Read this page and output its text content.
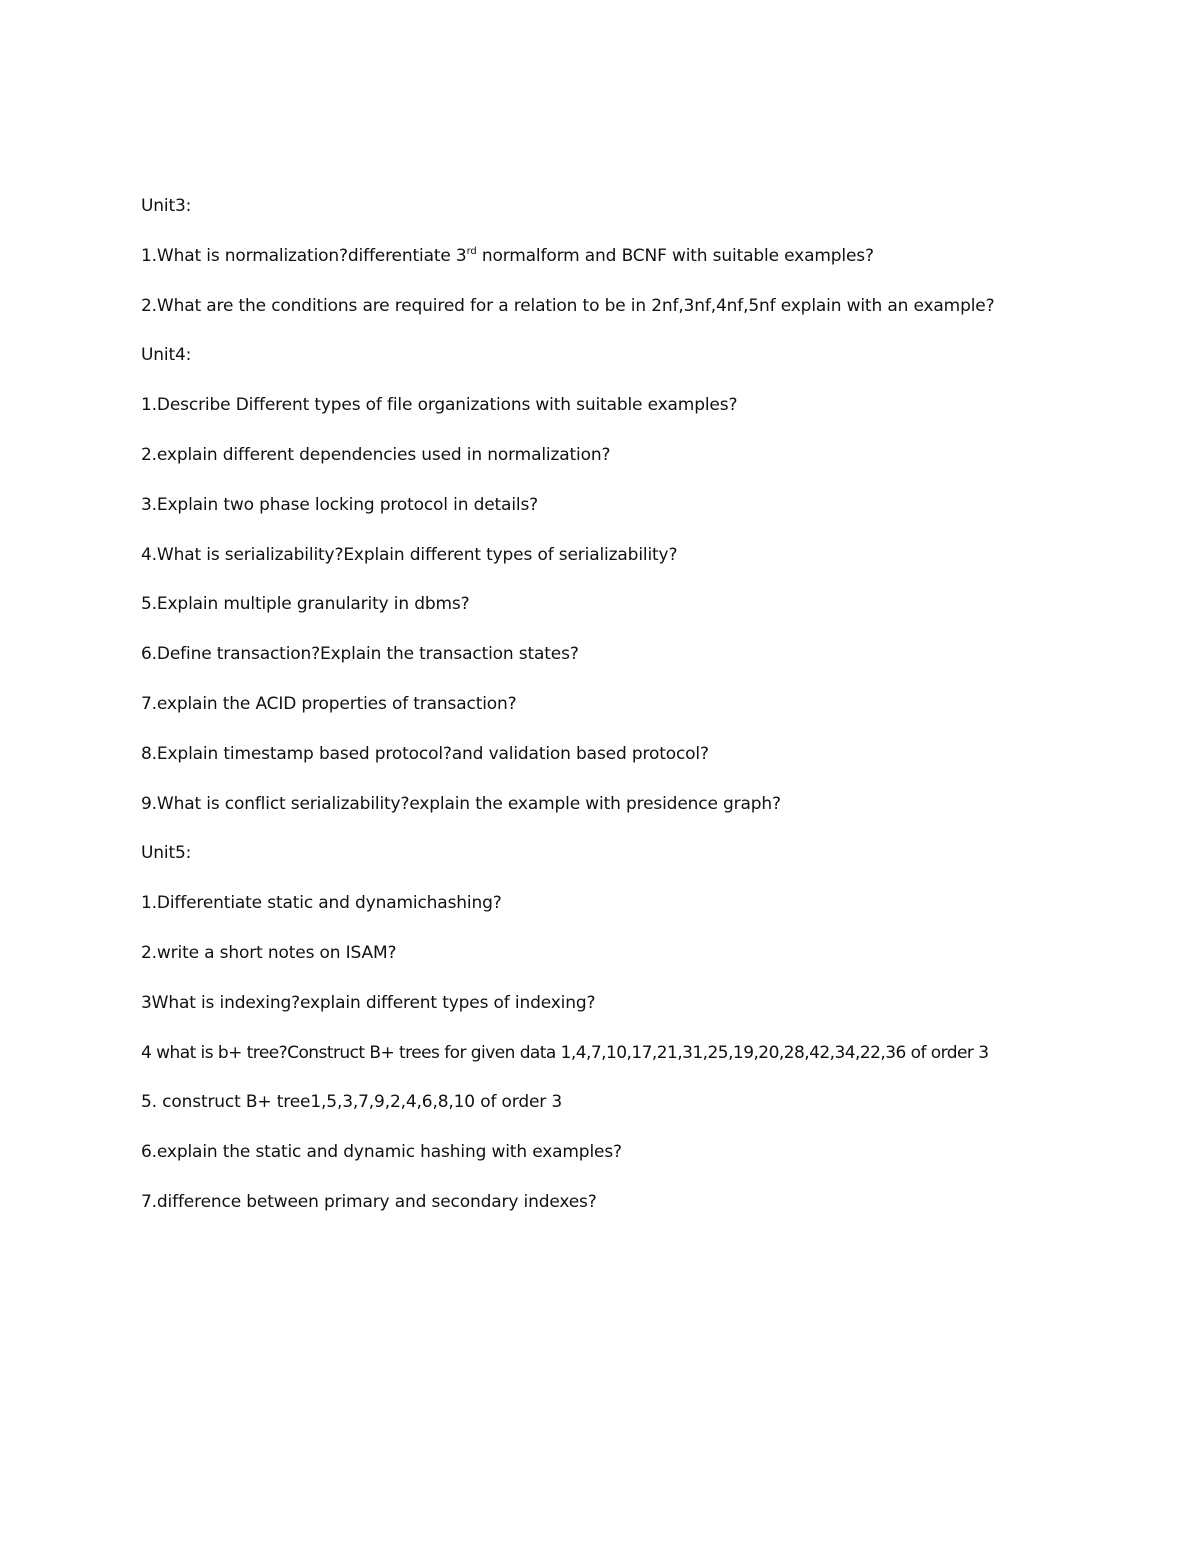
Unit3:

1.What is normalization?differentiate 3rd normalform and BCNF with suitable examples?

2.What are the conditions are required for a relation to be in 2nf,3nf,4nf,5nf explain with an example?

Unit4:

1.Describe Different types of file organizations with suitable examples?

2.explain different dependencies used in normalization?

3.Explain two phase locking protocol in details?

4.What is serializability?Explain different types of serializability?

5.Explain multiple granularity in dbms?

6.Define transaction?Explain the transaction states?

7.explain the ACID properties of transaction?

8.Explain timestamp based protocol?and validation based protocol?

9.What is conflict serializability?explain the example with presidence graph?

Unit5:

1.Differentiate static and dynamichashing?

2.write a short notes on ISAM?

3What is indexing?explain different types of indexing?

4 what is b+ tree?Construct B+ trees for given data 1,4,7,10,17,21,31,25,19,20,28,42,34,22,36 of order 3

5. construct B+ tree1,5,3,7,9,2,4,6,8,10 of order 3

6.explain the static and dynamic hashing with examples?

7.difference between primary and secondary indexes?
